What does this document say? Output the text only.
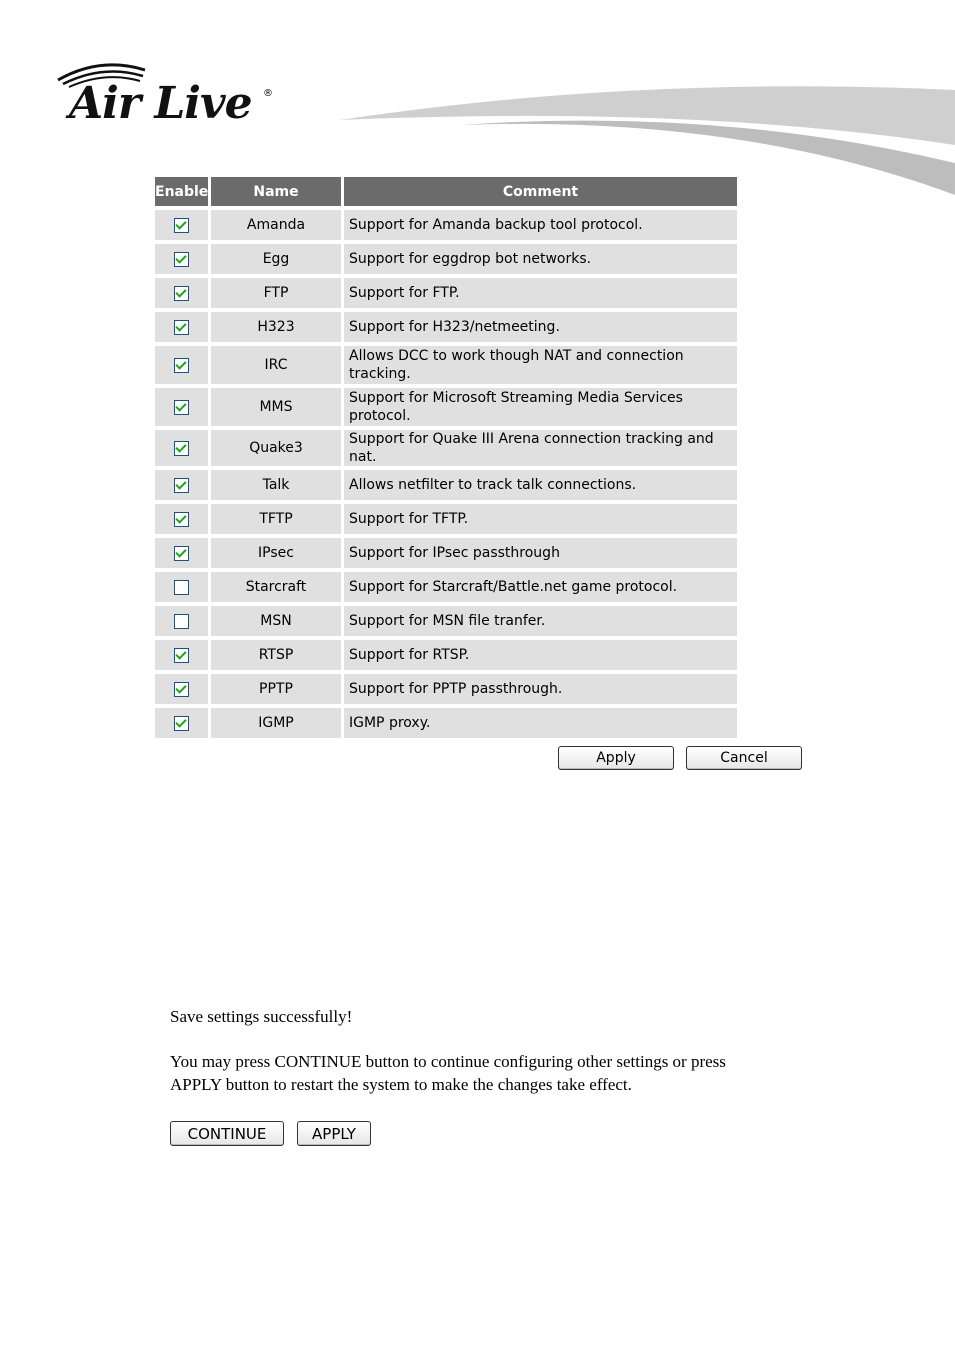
Air Live ®
Enable	Name	Comment
	Amanda	Support for Amanda backup tool protocol.
	Egg	Support for eggdrop bot networks.
	FTP	Support for FTP.
	H323	Support for H323/netmeeting.
	IRC	Allows DCC to work though NAT and connection tracking.
	MMS	Support for Microsoft Streaming Media Services protocol.
	Quake3	Support for Quake III Arena connection tracking and nat.
	Talk	Allows netfilter to track talk connections.
	TFTP	Support for TFTP.
	IPsec	Support for IPsec passthrough
	Starcraft	Support for Starcraft/Battle.net game protocol.
	MSN	Support for MSN file tranfer.
	RTSP	Support for RTSP.
	PPTP	Support for PPTP passthrough.
	IGMP	IGMP proxy.
Apply	Cancel
Save settings successfully!
You may press CONTINUE button to continue configuring other settings or press
APPLY button to restart the system to make the changes take effect.
CONTINUE	APPLY
